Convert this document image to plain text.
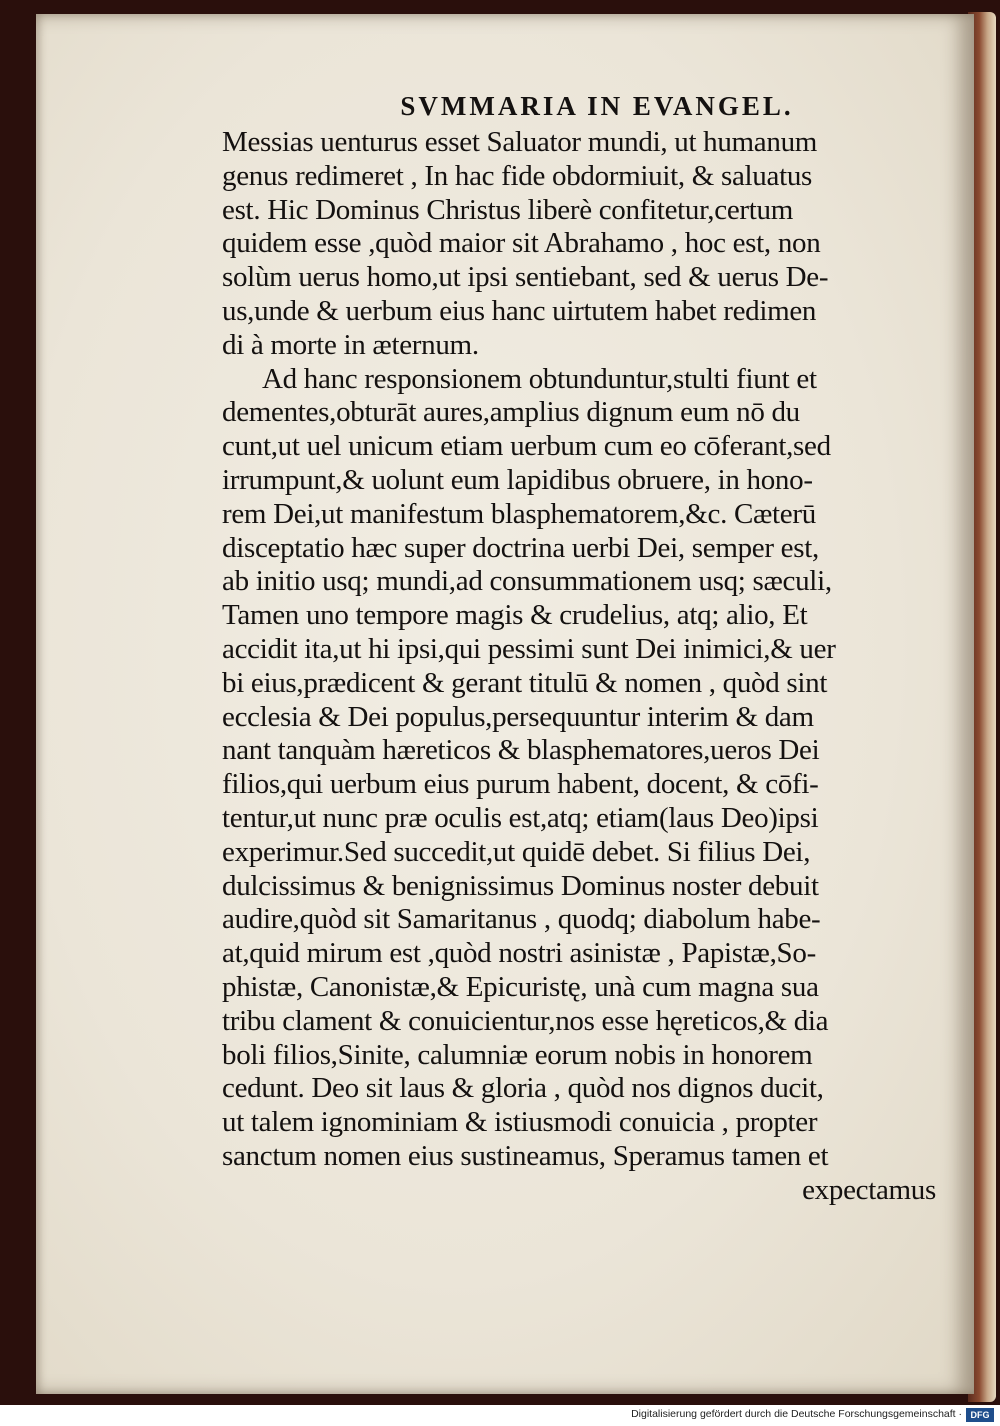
SVMMARIA IN EVANGEL.
Messias uenturus esset Saluator mundi, ut humanum
genus redimeret , In hac fide obdormiuit, & saluatus
est. Hic Dominus Christus liberè confitetur,certum
quidem esse ,quòd maior sit Abrahamo , hoc est, non
solùm uerus homo,ut ipsi sentiebant, sed & uerus De-
us,unde & uerbum eius hanc uirtutem habet redimen
di à morte in æternum.
Ad hanc responsionem obtunduntur,stulti fiunt et
dementes,obturāt aures,amplius dignum eum nō du
cunt,ut uel unicum etiam uerbum cum eo cōferant,sed
irrumpunt,& uolunt eum lapidibus obruere, in hono-
rem Dei,ut manifestum blasphematorem,&c. Cæterū
disceptatio hæc super doctrina uerbi Dei, semper est,
ab initio usq; mundi,ad consummationem usq; sæculi,
Tamen uno tempore magis & crudelius, atq; alio, Et
accidit ita,ut hi ipsi,qui pessimi sunt Dei inimici,& uer
bi eius,prædicent & gerant titulū & nomen , quòd sint
ecclesia & Dei populus,persequuntur interim & dam
nant tanquàm hæreticos & blasphematores,ueros Dei
filios,qui uerbum eius purum habent, docent, & cōfi-
tentur,ut nunc præ oculis est,atq; etiam(laus Deo)ipsi
experimur.Sed succedit,ut quidē debet. Si filius Dei,
dulcissimus & benignissimus Dominus noster debuit
audire,quòd sit Samaritanus , quodq; diabolum habe-
at,quid mirum est ,quòd nostri asinistæ , Papistæ,So-
phistæ, Canonistæ,& Epicuristę, unà cum magna sua
tribu clament & conuicientur,nos esse hęreticos,& dia
boli filios,Sinite, calumniæ eorum nobis in honorem
cedunt. Deo sit laus & gloria , quòd nos dignos ducit,
ut talem ignominiam & istiusmodi conuicia , propter
sanctum nomen eius sustineamus, Speramus tamen et
expectamus
Digitalisierung gefördert durch die Deutsche Forschungsgemeinschaft · DFG
